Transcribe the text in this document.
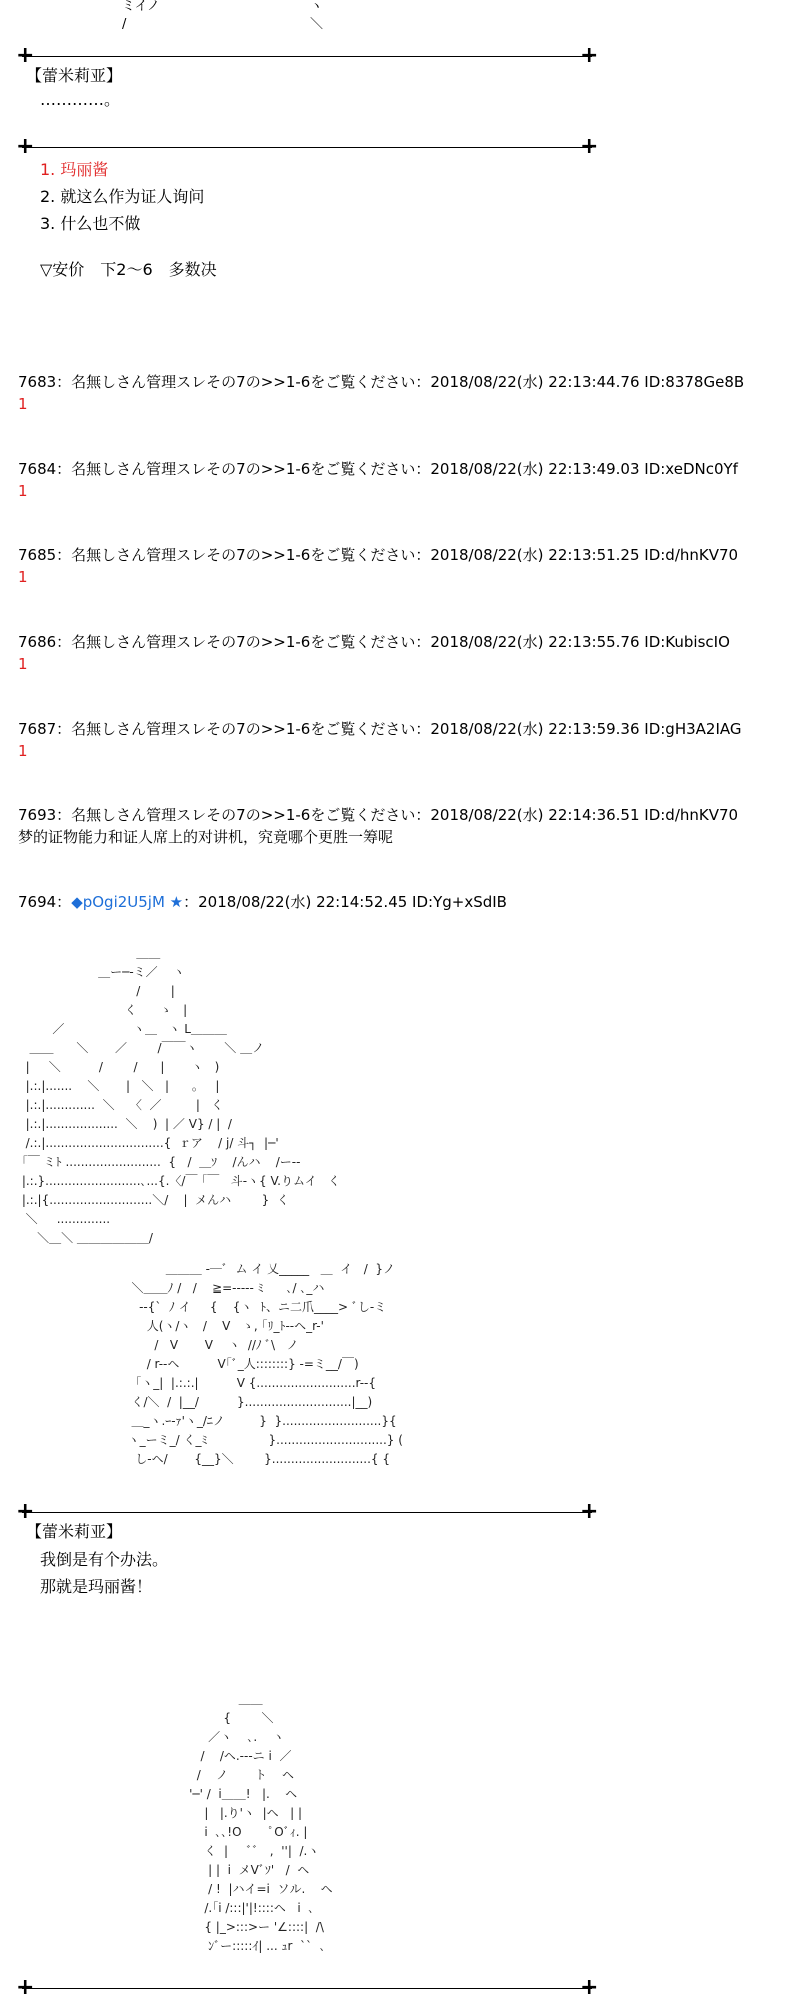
ミイノ
/
ヽ
＼
+	+
【蕾米莉亚】
…………。
+	+
1. 玛丽酱
2. 就这么作为证人询问
3. 什么也不做
▽安价　下2～6　多数决
7683：名無しさん管理スレその7の>>1-6をご覧ください：2018/08/22(水) 22:13:44.76 ID:8378Ge8B
1
7684：名無しさん管理スレその7の>>1-6をご覧ください：2018/08/22(水) 22:13:49.03 ID:xeDNc0Yf
1
7685：名無しさん管理スレその7の>>1-6をご覧ください：2018/08/22(水) 22:13:51.25 ID:d/hnKV70
1
7686：名無しさん管理スレその7の>>1-6をご覧ください：2018/08/22(水) 22:13:55.76 ID:KubiscIO
1
7687：名無しさん管理スレその7の>>1-6をご覧ください：2018/08/22(水) 22:13:59.36 ID:gH3A2IAG
1
7693：名無しさん管理スレその7の>>1-6をご覧ください：2018/08/22(水) 22:14:36.51 ID:d/hnKV70
梦的证物能力和证人席上的对讲机，究竟哪个更胜一筹呢
7694：◆pOgi2U5jM ★：2018/08/22(水) 22:14:52.45 ID:Yg+xSdIB
＿＿
＿ー─‐ミ／    ヽ
/        |
く      ゝ   |
／                  ヽ＿   ヽ L＿＿＿
＿＿      ＼       ／        /￣￣ヽ       ＼ ＿ノ
|     ＼          /        /      |       ヽ   )
|.:.|.......    ＼       |   ＼   |      。   |
|.:.|.............  ＼    〈  ／         |   く
|.:.|...................  ＼    )  | ／ V} / |  /
/.:.|...............................{  ｒア    / j/ 斗┐  |─'
｢￣ ミﾄ .........................  {   /  ＿ｿ    /んハ    /ー--
|.:.}.........................､...{.〈/￣ ｢￣   斗-ヽ{ V.りムイ   く
|.:.|{...........................＼/    |  メんハ        }  く
＼     ..............
＼＿＼ ＿＿＿＿＿＿/
＿＿＿ -─ﾞ  ム イ 乂_____   ＿  イ   /  }ノ
＼＿＿ﾉ /   /    ≧=--‐‐‐ ﾐ      ､/ ､_ハ
‐-{`  ﾉ イ     {    {ヽ  ﾄ、ニ二爪____> ﾞし-ミ
人(ヽ/ヽ   /    V   ゝ, ｢ﾘ_ﾄ--ヘ_r-'
/   V       V    ヽ  //ﾉ ﾞ\   ノ
/ r--ヘ          V｢ﾞ_人::::::::} -=ミ__/￣)
｢ヽ_|  |.:.:.|          V {..........................r--{
く/＼  /  |__/          }............................|__)
＿_ヽ.ｰ-ｧ'ヽ_/ﾆノ         }  }..........................}{
ヽ_ーミ_/ く_ﾐ                }.............................} (
し-ヘ/       {__}＼        }..........................{ {
+	+
【蕾米莉亚】
我倒是有个办法。
那就是玛丽酱！
＿＿
{        ＼
／ヽ    ､.    ヽ
/    /ヘ.--‐ニ i  ／
/    ノ       ト    ヘ
'─' /  i＿＿!   |.    ヘ
|   |.り'ヽ  |ヘ   | |
i  ､､!O       ﾟOﾞｨ. |
く  |     ﾞﾞ   ,  ''|  /.ヽ
| |  i  メVﾞｿ'   /  ヘ
/ !  |ハイ=i  ソル.    ヘ
/.｢i /:::|'|!::::ヘ   i  ､
{ |_>:::>ー '∠::::|  /\
ﾝﾞー:::::ｲ| ... ｭr  ``  ､
+	+
